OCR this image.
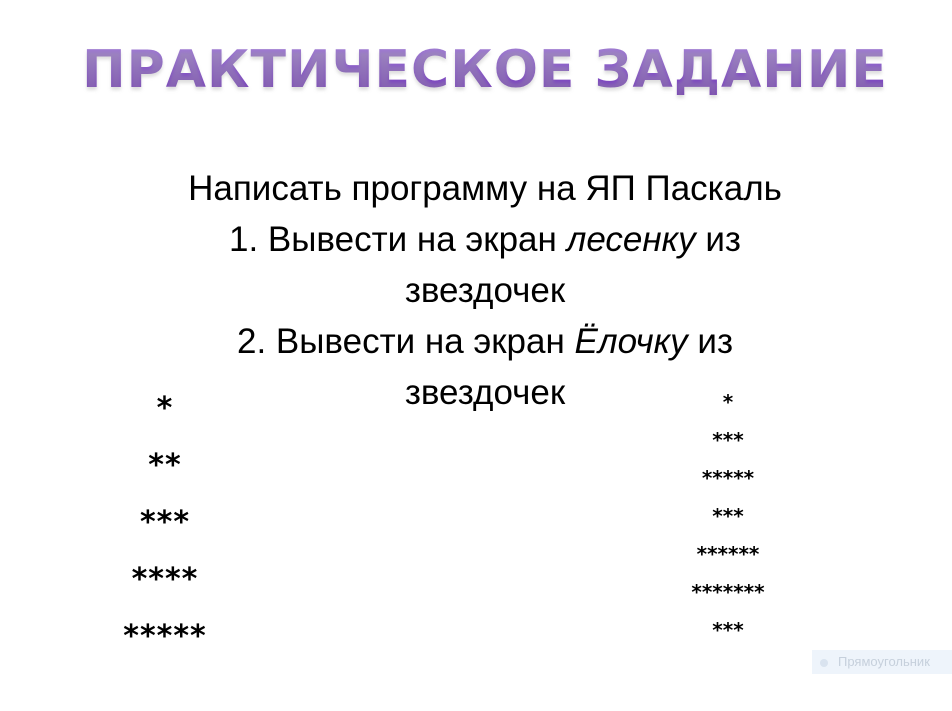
ПРАКТИЧЕСКОЕ ЗАДАНИЕ
Написать программу на ЯП Паскаль
1. Вывести на экран лесенку из
звездочек
2. Вывести на экран Ёлочку из
звездочек
*
**
***
****
*****
*
***
*****
***
******
*******
***
Прямоугольник
